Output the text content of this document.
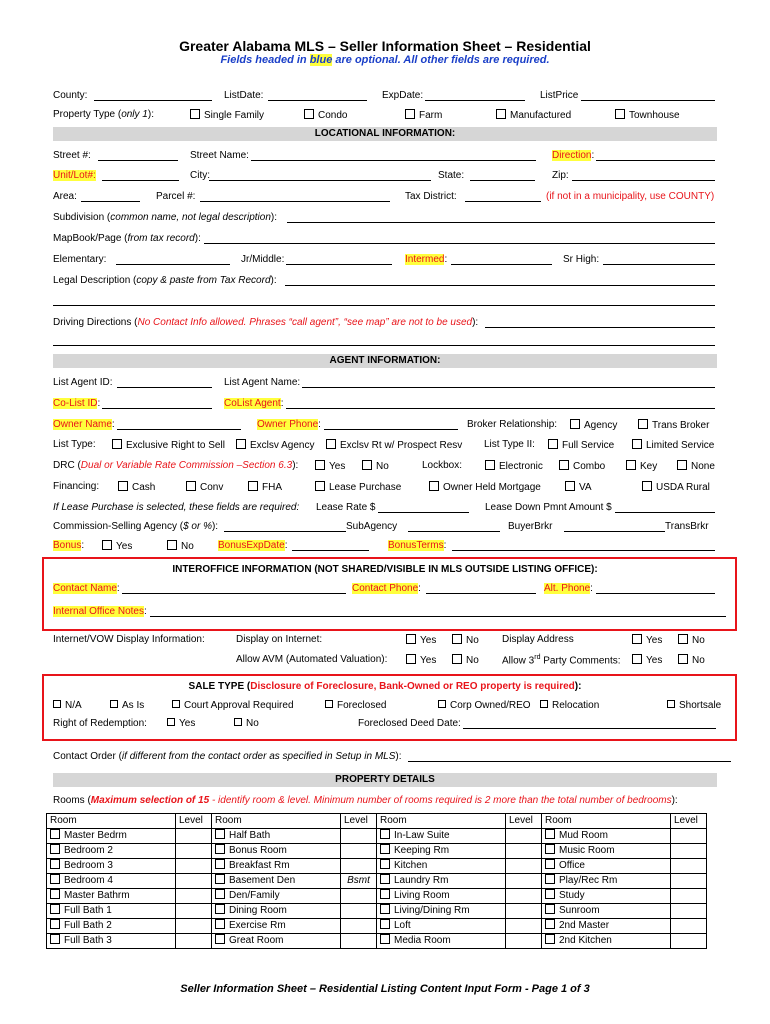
Greater Alabama MLS – Seller Information Sheet – Residential
Fields headed in blue are optional. All other fields are required.
County:	ListDate:	ExpDate:	ListPrice
Property Type (only 1):	Single Family	Condo	Farm	Manufactured	Townhouse
LOCATIONAL INFORMATION:
Street #:	Street Name:	Direction:
Unit/Lot#:	City:	State:	Zip:
Area:	Parcel #:	Tax District:	(if not in a municipality, use COUNTY)
Subdivision (common name, not legal description):
MapBook/Page (from tax record):
Elementary:	Jr/Middle:	Intermed:	Sr High:
Legal Description (copy & paste from Tax Record):
Driving Directions (No Contact Info allowed. Phrases “call agent”, “see map” are not to be used):
AGENT INFORMATION:
List Agent ID:	List Agent Name:
Co-List ID:	CoList Agent:
Owner Name:	Owner Phone:	Broker Relationship:	Agency	Trans Broker
List Type:	Exclusive Right to Sell	Exclsv Agency	Exclsv Rt w/ Prospect Resv List Type II:	Full Service	Limited Service
DRC (Dual or Variable Rate Commission –Section 6.3):	Yes	No	Lockbox:	Electronic	Combo	Key	None
Financing:	Cash	Conv	FHA	Lease Purchase	Owner Held Mortgage	VA	USDA Rural
If Lease Purchase is selected, these fields are required: Lease Rate $	Lease Down Pmnt Amount $
Commission-Selling Agency ($ or %):	SubAgency	BuyerBrkr	TransBrkr
Bonus:	Yes	No BonusExpDate:	BonusTerms:
INTEROFFICE INFORMATION (NOT SHARED/VISIBLE IN MLS OUTSIDE LISTING OFFICE):
Contact Name:	Contact Phone:	Alt. Phone:
Internal Office Notes:
Internet/VOW Display Information:	Display on Internet:	Yes	No Display Address	Yes	No
Allow AVM (Automated Valuation):	Yes	No Allow 3rd Party Comments:	Yes	No
SALE TYPE (Disclosure of Foreclosure, Bank-Owned or REO property is required):
N/A	As Is	Court Approval Required	Foreclosed	Corp Owned/REO	Relocation	Shortsale
Right of Redemption:	Yes	No	Foreclosed Deed Date:
Contact Order (if different from the contact order as specified in Setup in MLS):
PROPERTY DETAILS
Rooms (Maximum selection of 15 - identify room & level. Minimum number of rooms required is 2 more than the total number of bedrooms):
Room	Level	Room	Level	Room	Level	Room	Level
Master Bedrm		Half Bath		In-Law Suite		Mud Room	
Bedroom 2		Bonus Room		Keeping Rm		Music Room	
Bedroom 3		Breakfast Rm		Kitchen		Office	
Bedroom 4		Basement Den	Bsmt	Laundry Rm		Play/Rec Rm	
Master Bathrm		Den/Family		Living Room		Study	
Full Bath 1		Dining Room		Living/Dining Rm		Sunroom	
Full Bath 2		Exercise Rm		Loft		2nd Master	
Full Bath 3		Great Room		Media Room		2nd Kitchen	
Seller Information Sheet – Residential Listing Content Input Form - Page 1 of 3
